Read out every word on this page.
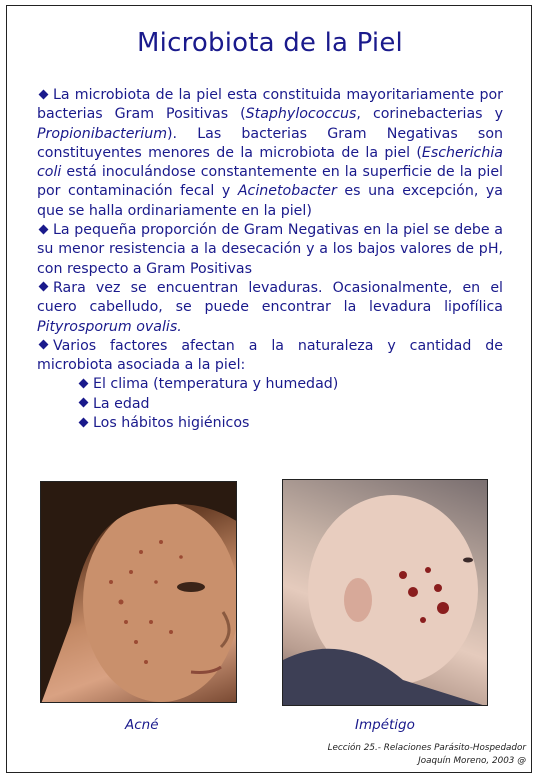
Microbiota de la Piel

La microbiota de la piel esta constituida mayoritariamente por bacterias Gram Positivas (Staphylococcus, corinebacterias y Propionibacterium). Las bacterias Gram Negativas son constituyentes menores de la microbiota de la piel (Escherichia coli está inoculándose constantemente en la superficie de la piel por contaminación fecal y Acinetobacter es una excepción, ya que se halla ordinariamente en la piel)

La pequeña proporción de Gram Negativas en la piel se debe a su menor resistencia a la desecación y a los bajos valores de pH, con respecto a Gram Positivas

Rara vez se encuentran levaduras. Ocasionalmente, en el cuero cabelludo, se puede encontrar la levadura lipofílica Pityrosporum ovalis.

Varios factores afectan a la naturaleza y cantidad de microbiota asociada a la piel:

El clima (temperatura y humedad)

La edad

Los hábitos higiénicos

Acné	Impétigo
Lección 25.- Relaciones Parásito-Hospedador
Joaquín Moreno, 2003 @
